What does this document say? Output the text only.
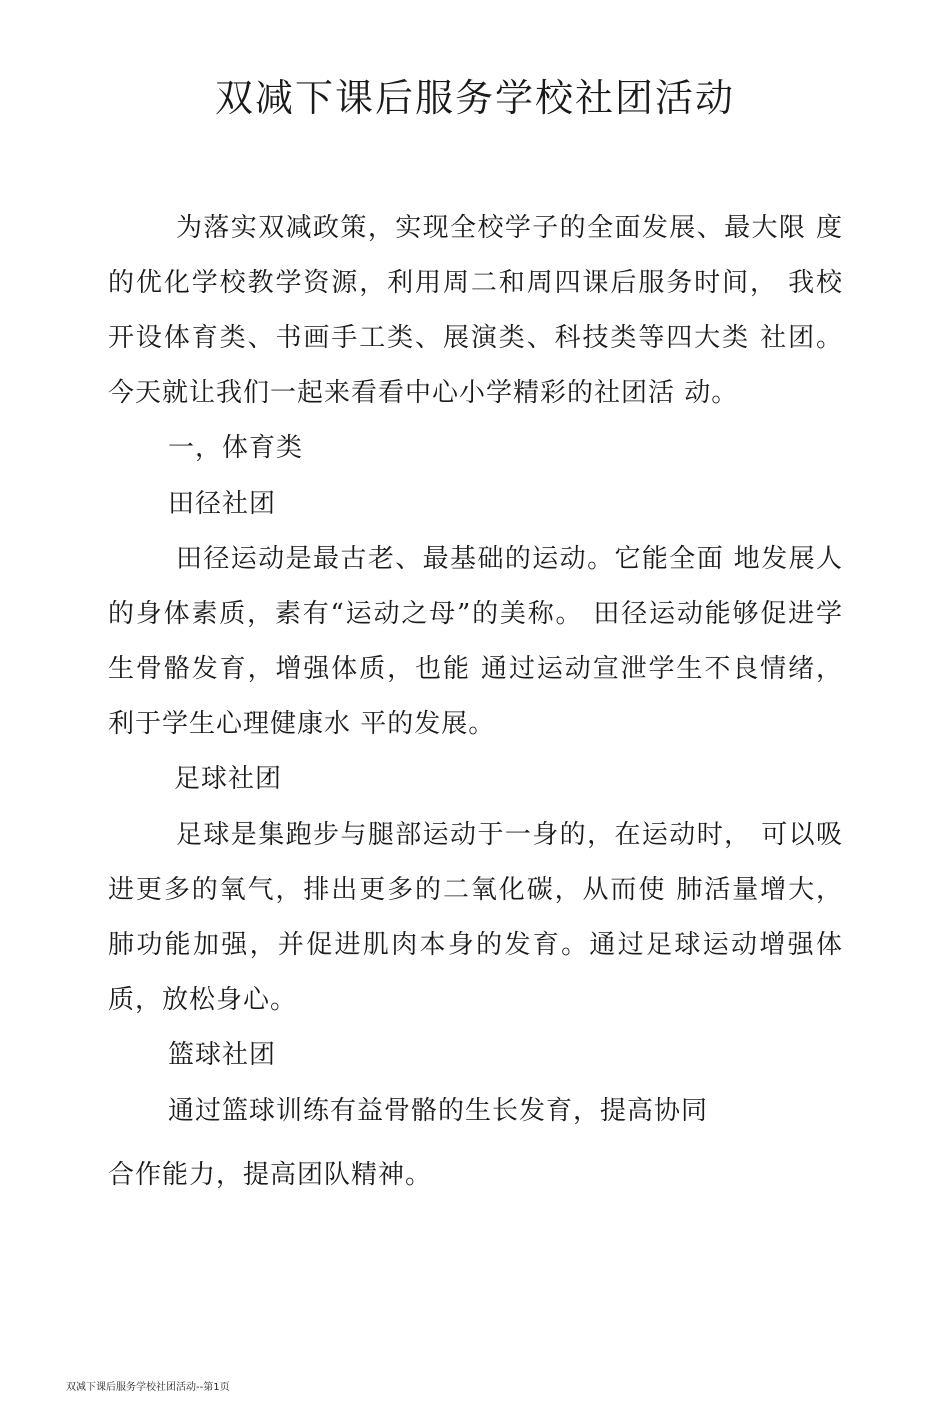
双减下课后服务学校社团活动

为落实双减政策，实现全校学子的全面发展、最大限 度的优化学校教学资源，利用周二和周四课后服务时间， 我校开设体育类、书画手工类、展演类、科技类等四大类 社团。今天就让我们一起来看看中心小学精彩的社团活 动。

一，体育类

田径社团

田径运动是最古老、最基础的运动。它能全面 地发展人的身体素质，素有“运动之母”的美称。 田径运动能够促进学生骨骼发育，增强体质，也能 通过运动宣泄学生不良情绪，利于学生心理健康水 平的发展。

足球社团

足球是集跑步与腿部运动于一身的，在运动时， 可以吸进更多的氧气，排出更多的二氧化碳，从而使 肺活量增大，肺功能加强，并促进肌肉本身的发育。通过足球运动增强体质，放松身心。

篮球社团

通过篮球训练有益骨骼的生长发育，提高协同

合作能力，提高团队精神。

双减下课后服务学校社团活动--第1页
